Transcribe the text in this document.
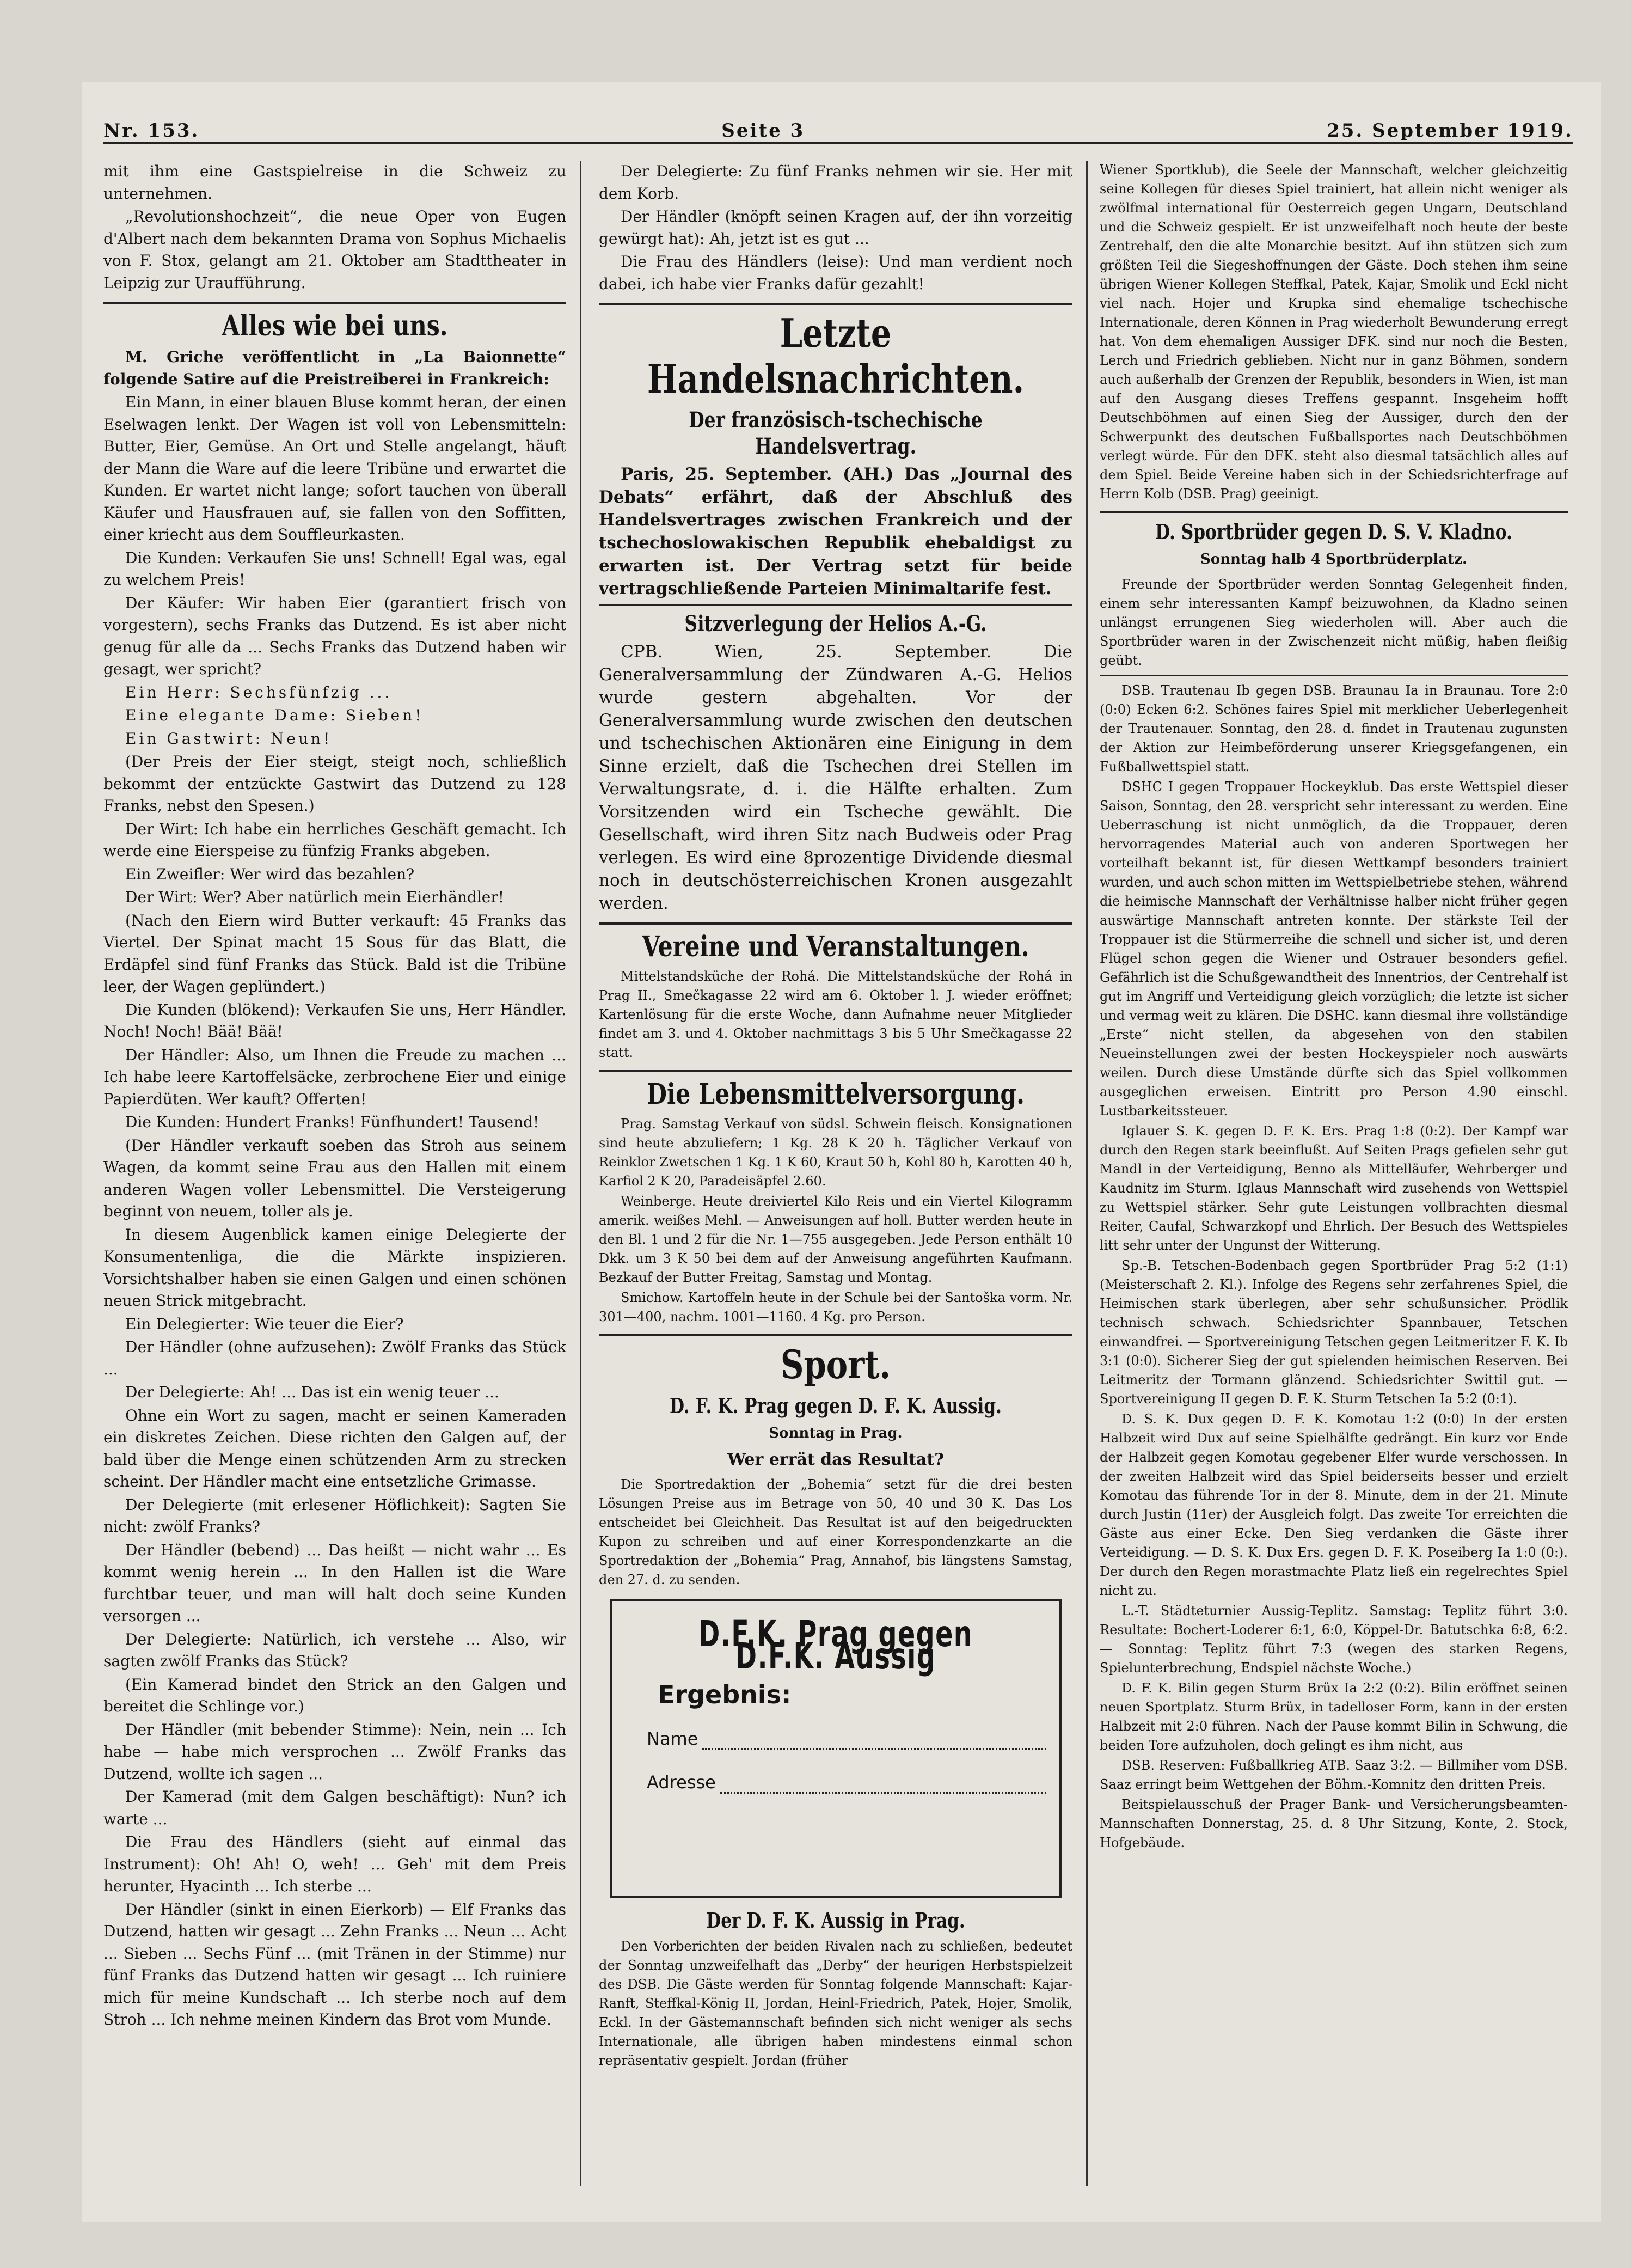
Nr. 153.	Seite 3	25. September 1919.

mit ihm eine Gastspielreise in die Schweiz zu unternehmen.

„Revolutionshochzeit“, die neue Oper von Eugen d'Albert nach dem bekannten Drama von Sophus Michaelis von F. Stox, gelangt am 21. Oktober am Stadttheater in Leipzig zur Uraufführung.

Alles wie bei uns.

M. Griche veröffentlicht in „La Baionnette“ folgende Satire auf die Preistreiberei in Frankreich:

Ein Mann, in einer blauen Bluse kommt heran, der einen Eselwagen lenkt. Der Wagen ist voll von Lebensmitteln: Butter, Eier, Gemüse. An Ort und Stelle angelangt, häuft der Mann die Ware auf die leere Tribüne und erwartet die Kunden. Er wartet nicht lange; sofort tauchen von überall Käufer und Hausfrauen auf, sie fallen von den Soffitten, einer kriecht aus dem Souffleurkasten.

Die Kunden: Verkaufen Sie uns! Schnell! Egal was, egal zu welchem Preis!

Der Käufer: Wir haben Eier (garantiert frisch von vorgestern), sechs Franks das Dutzend. Es ist aber nicht genug für alle da ... Sechs Franks das Dutzend haben wir gesagt, wer spricht?

Ein Herr: Sechsfünfzig ...

Eine elegante Dame: Sieben!

Ein Gastwirt: Neun!

(Der Preis der Eier steigt, steigt noch, schließlich bekommt der entzückte Gastwirt das Dutzend zu 128 Franks, nebst den Spesen.)

Der Wirt: Ich habe ein herrliches Geschäft gemacht. Ich werde eine Eierspeise zu fünfzig Franks abgeben.

Ein Zweifler: Wer wird das bezahlen?

Der Wirt: Wer? Aber natürlich mein Eierhändler!

(Nach den Eiern wird Butter verkauft: 45 Franks das Viertel. Der Spinat macht 15 Sous für das Blatt, die Erdäpfel sind fünf Franks das Stück. Bald ist die Tribüne leer, der Wagen geplündert.)

Die Kunden (blökend): Verkaufen Sie uns, Herr Händler. Noch! Noch! Bää! Bää!

Der Händler: Also, um Ihnen die Freude zu machen ... Ich habe leere Kartoffelsäcke, zerbrochene Eier und einige Papierdüten. Wer kauft? Offerten!

Die Kunden: Hundert Franks! Fünfhundert! Tausend!

(Der Händler verkauft soeben das Stroh aus seinem Wagen, da kommt seine Frau aus den Hallen mit einem anderen Wagen voller Lebensmittel. Die Versteigerung beginnt von neuem, toller als je.

In diesem Augenblick kamen einige Delegierte der Konsumentenliga, die die Märkte inspizieren. Vorsichtshalber haben sie einen Galgen und einen schönen neuen Strick mitgebracht.

Ein Delegierter: Wie teuer die Eier?

Der Händler (ohne aufzusehen): Zwölf Franks das Stück ...

Der Delegierte: Ah! ... Das ist ein wenig teuer ...

Ohne ein Wort zu sagen, macht er seinen Kameraden ein diskretes Zeichen. Diese richten den Galgen auf, der bald über die Menge einen schützenden Arm zu strecken scheint. Der Händler macht eine entsetzliche Grimasse.

Der Delegierte (mit erlesener Höflichkeit): Sagten Sie nicht: zwölf Franks?

Der Händler (bebend) ... Das heißt — nicht wahr ... Es kommt wenig herein ... In den Hallen ist die Ware furchtbar teuer, und man will halt doch seine Kunden versorgen ...

Der Delegierte: Natürlich, ich verstehe ... Also, wir sagten zwölf Franks das Stück?

(Ein Kamerad bindet den Strick an den Galgen und bereitet die Schlinge vor.)

Der Händler (mit bebender Stimme): Nein, nein ... Ich habe — habe mich versprochen ... Zwölf Franks das Dutzend, wollte ich sagen ...

Der Kamerad (mit dem Galgen beschäftigt): Nun? ich warte ...

Die Frau des Händlers (sieht auf einmal das Instrument): Oh! Ah! O, weh! ... Geh' mit dem Preis herunter, Hyacinth ... Ich sterbe ...

Der Händler (sinkt in einen Eierkorb) — Elf Franks das Dutzend, hatten wir gesagt ... Zehn Franks ... Neun ... Acht ... Sieben ... Sechs Fünf ... (mit Tränen in der Stimme) nur fünf Franks das Dutzend hatten wir gesagt ... Ich ruiniere mich für meine Kundschaft ... Ich sterbe noch auf dem Stroh ... Ich nehme meinen Kindern das Brot vom Munde.

Der Delegierte: Zu fünf Franks nehmen wir sie. Her mit dem Korb.

Der Händler (knöpft seinen Kragen auf, der ihn vorzeitig gewürgt hat): Ah, jetzt ist es gut ...

Die Frau des Händlers (leise): Und man verdient noch dabei, ich habe vier Franks dafür gezahlt!

Letzte Handelsnachrichten.
Der französisch-tschechische Handelsvertrag.

Paris, 25. September. (AH.) Das „Journal des Debats“ erfährt, daß der Abschluß des Handelsvertrages zwischen Frankreich und der tschechoslowakischen Republik ehebaldigst zu erwarten ist. Der Vertrag setzt für beide vertragschließende Parteien Minimaltarife fest.

Sitzverlegung der Helios A.-G.

CPB. Wien, 25. September. Die Generalversammlung der Zündwaren A.-G. Helios wurde gestern abgehalten. Vor der Generalversammlung wurde zwischen den deutschen und tschechischen Aktionären eine Einigung in dem Sinne erzielt, daß die Tschechen drei Stellen im Verwaltungsrate, d. i. die Hälfte erhalten. Zum Vorsitzenden wird ein Tscheche gewählt. Die Gesellschaft, wird ihren Sitz nach Budweis oder Prag verlegen. Es wird eine 8prozentige Dividende diesmal noch in deutschösterreichischen Kronen ausgezahlt werden.

Vereine und Veranstaltungen.

Mittelstandsküche der Rohá. Die Mittelstandsküche der Rohá in Prag II., Smečkagasse 22 wird am 6. Oktober l. J. wieder eröffnet; Kartenlösung für die erste Woche, dann Aufnahme neuer Mitglieder findet am 3. und 4. Oktober nachmittags 3 bis 5 Uhr Smečkagasse 22 statt.

Die Lebensmittelversorgung.

Prag. Samstag Verkauf von südsl. Schwein fleisch. Konsignationen sind heute abzuliefern; 1 Kg. 28 K 20 h. Täglicher Verkauf von Reinklor Zwetschen 1 Kg. 1 K 60, Kraut 50 h, Kohl 80 h, Karotten 40 h, Karfiol 2 K 20, Paradeisäpfel 2.60.

Weinberge. Heute dreiviertel Kilo Reis und ein Viertel Kilogramm amerik. weißes Mehl. — Anweisungen auf holl. Butter werden heute in den Bl. 1 und 2 für die Nr. 1—755 ausgegeben. Jede Person enthält 10 Dkk. um 3 K 50 bei dem auf der Anweisung angeführten Kaufmann. Bezkauf der Butter Freitag, Samstag und Montag.

Smichow. Kartoffeln heute in der Schule bei der Santoška vorm. Nr. 301—400, nachm. 1001—1160. 4 Kg. pro Person.

Sport.
D. F. K. Prag gegen D. F. K. Aussig.
Sonntag in Prag.
Wer errät das Resultat?

Die Sportredaktion der „Bohemia“ setzt für die drei besten Lösungen Preise aus im Betrage von 50, 40 und 30 K. Das Los entscheidet bei Gleichheit. Das Resultat ist auf den beigedruckten Kupon zu schreiben und auf einer Korrespondenzkarte an die Sportredaktion der „Bohemia“ Prag, Annahof, bis längstens Samstag, den 27. d. zu senden.

D.F.K. Prag gegen D.F.K. Aussig
Ergebnis:
Name
Adresse
Der D. F. K. Aussig in Prag.

Den Vorberichten der beiden Rivalen nach zu schließen, bedeutet der Sonntag unzweifelhaft das „Derby“ der heurigen Herbstspielzeit des DSB. Die Gäste werden für Sonntag folgende Mannschaft: Kajar-Ranft, Steffkal-König II, Jordan, Heinl-Friedrich, Patek, Hojer, Smolik, Eckl. In der Gästemannschaft befinden sich nicht weniger als sechs Internationale, alle übrigen haben mindestens einmal schon repräsentativ gespielt. Jordan (früher

Wiener Sportklub), die Seele der Mannschaft, welcher gleichzeitig seine Kollegen für dieses Spiel trainiert, hat allein nicht weniger als zwölfmal international für Oesterreich gegen Ungarn, Deutschland und die Schweiz gespielt. Er ist unzweifelhaft noch heute der beste Zentrehalf, den die alte Monarchie besitzt. Auf ihn stützen sich zum größten Teil die Siegeshoffnungen der Gäste. Doch stehen ihm seine übrigen Wiener Kollegen Steffkal, Patek, Kajar, Smolik und Eckl nicht viel nach. Hojer und Krupka sind ehemalige tschechische Internationale, deren Können in Prag wiederholt Bewunderung erregt hat. Von dem ehemaligen Aussiger DFK. sind nur noch die Besten, Lerch und Friedrich geblieben. Nicht nur in ganz Böhmen, sondern auch außerhalb der Grenzen der Republik, besonders in Wien, ist man auf den Ausgang dieses Treffens gespannt. Insgeheim hofft Deutschböhmen auf einen Sieg der Aussiger, durch den der Schwerpunkt des deutschen Fußballsportes nach Deutschböhmen verlegt würde. Für den DFK. steht also diesmal tatsächlich alles auf dem Spiel. Beide Vereine haben sich in der Schiedsrichterfrage auf Herrn Kolb (DSB. Prag) geeinigt.

D. Sportbrüder gegen D. S. V. Kladno.
Sonntag halb 4 Sportbrüderplatz.

Freunde der Sportbrüder werden Sonntag Gelegenheit finden, einem sehr interessanten Kampf beizuwohnen, da Kladno seinen unlängst errungenen Sieg wiederholen will. Aber auch die Sportbrüder waren in der Zwischenzeit nicht müßig, haben fleißig geübt.

DSB. Trautenau Ib gegen DSB. Braunau Ia in Braunau. Tore 2:0 (0:0) Ecken 6:2. Schönes faires Spiel mit merklicher Ueberlegenheit der Trautenauer. Sonntag, den 28. d. findet in Trautenau zugunsten der Aktion zur Heimbeförderung unserer Kriegsgefangenen, ein Fußballwettspiel statt.

DSHC I gegen Troppauer Hockeyklub. Das erste Wettspiel dieser Saison, Sonntag, den 28. verspricht sehr interessant zu werden. Eine Ueberraschung ist nicht unmöglich, da die Troppauer, deren hervorragendes Material auch von anderen Sportwegen her vorteilhaft bekannt ist, für diesen Wettkampf besonders trainiert wurden, und auch schon mitten im Wettspielbetriebe stehen, während die heimische Mannschaft der Verhältnisse halber nicht früher gegen auswärtige Mannschaft antreten konnte. Der stärkste Teil der Troppauer ist die Stürmerreihe die schnell und sicher ist, und deren Flügel schon gegen die Wiener und Ostrauer besonders gefiel. Gefährlich ist die Schußgewandtheit des Innentrios, der Centrehalf ist gut im Angriff und Verteidigung gleich vorzüglich; die letzte ist sicher und vermag weit zu klären. Die DSHC. kann diesmal ihre vollständige „Erste“ nicht stellen, da abgesehen von den stabilen Neueinstellungen zwei der besten Hockeyspieler noch auswärts weilen. Durch diese Umstände dürfte sich das Spiel vollkommen ausgeglichen erweisen. Eintritt pro Person 4.90 einschl. Lustbarkeitssteuer.

Iglauer S. K. gegen D. F. K. Ers. Prag 1:8 (0:2). Der Kampf war durch den Regen stark beeinflußt. Auf Seiten Prags gefielen sehr gut Mandl in der Verteidigung, Benno als Mittelläufer, Wehrberger und Kaudnitz im Sturm. Iglaus Mannschaft wird zusehends von Wettspiel zu Wettspiel stärker. Sehr gute Leistungen vollbrachten diesmal Reiter, Caufal, Schwarzkopf und Ehrlich. Der Besuch des Wettspieles litt sehr unter der Ungunst der Witterung.

Sp.-B. Tetschen-Bodenbach gegen Sportbrüder Prag 5:2 (1:1) (Meisterschaft 2. Kl.). Infolge des Regens sehr zerfahrenes Spiel, die Heimischen stark überlegen, aber sehr schußunsicher. Prödlik technisch schwach. Schiedsrichter Spannbauer, Tetschen einwandfrei. — Sportvereinigung Tetschen gegen Leitmeritzer F. K. Ib 3:1 (0:0). Sicherer Sieg der gut spielenden heimischen Reserven. Bei Leitmeritz der Tormann glänzend. Schiedsrichter Swittil gut. — Sportvereinigung II gegen D. F. K. Sturm Tetschen Ia 5:2 (0:1).

D. S. K. Dux gegen D. F. K. Komotau 1:2 (0:0) In der ersten Halbzeit wird Dux auf seine Spielhälfte gedrängt. Ein kurz vor Ende der Halbzeit gegen Komotau gegebener Elfer wurde verschossen. In der zweiten Halbzeit wird das Spiel beiderseits besser und erzielt Komotau das führende Tor in der 8. Minute, dem in der 21. Minute durch Justin (11er) der Ausgleich folgt. Das zweite Tor erreichten die Gäste aus einer Ecke. Den Sieg verdanken die Gäste ihrer Verteidigung. — D. S. K. Dux Ers. gegen D. F. K. Poseiberg Ia 1:0 (0:). Der durch den Regen morastmachte Platz ließ ein regelrechtes Spiel nicht zu.

L.-T. Städteturnier Aussig-Teplitz. Samstag: Teplitz führt 3:0. Resultate: Bochert-Loderer 6:1, 6:0, Köppel-Dr. Batutschka 6:8, 6:2. — Sonntag: Teplitz führt 7:3 (wegen des starken Regens, Spielunterbrechung, Endspiel nächste Woche.)

D. F. K. Bilin gegen Sturm Brüx Ia 2:2 (0:2). Bilin eröffnet seinen neuen Sportplatz. Sturm Brüx, in tadelloser Form, kann in der ersten Halbzeit mit 2:0 führen. Nach der Pause kommt Bilin in Schwung, die beiden Tore aufzuholen, doch gelingt es ihm nicht, aus

DSB. Reserven: Fußballkrieg ATB. Saaz 3:2. — Billmiher vom DSB. Saaz erringt beim Wettgehen der Böhm.-Komnitz den dritten Preis.

Beitspielausschuß der Prager Bank- und Versicherungsbeamten-Mannschaften Donnerstag, 25. d. 8 Uhr Sitzung, Konte, 2. Stock, Hofgebäude.
